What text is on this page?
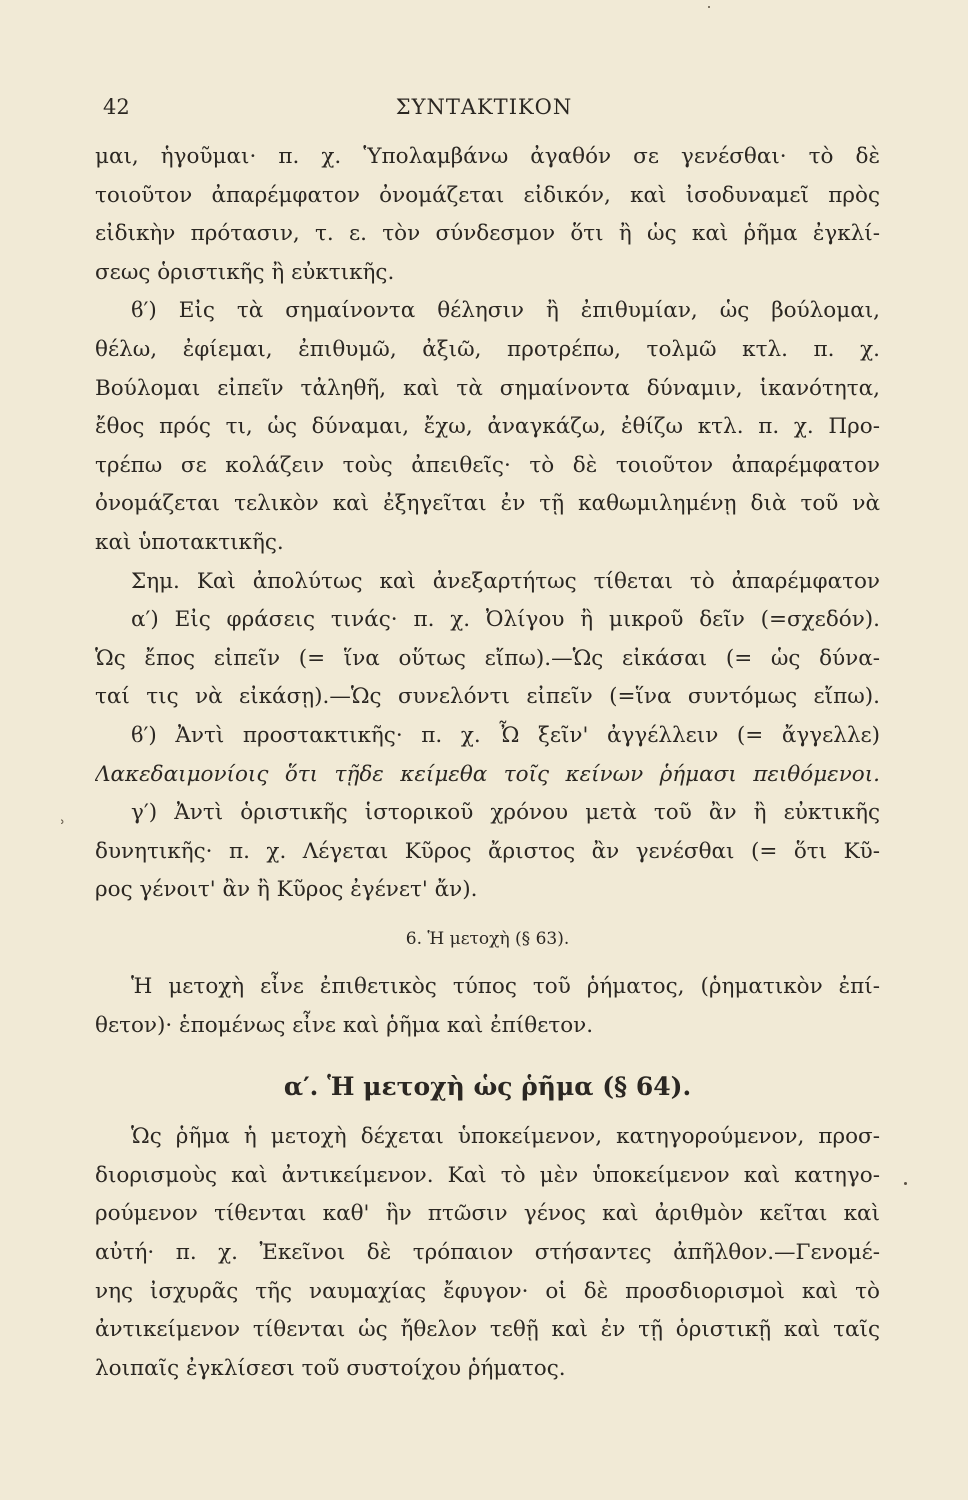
42	ΣΥΝΤΑΚΤΙΚΟΝ
ʾ
μαι, ἡγοῦμαι· π. χ. Ὑπολαμβάνω ἀγαθόν σε γενέσθαι· τὸ δὲ
τοιοῦτον ἀπαρέμφατον ὀνομάζεται εἰδικόν, καὶ ἰσοδυναμεῖ πρὸς
εἰδικὴν πρότασιν, τ. ε. τὸν σύνδεσμον ὅτι ἢ ὡς καὶ ῥῆμα ἐγκλί-
σεως ὁριστικῆς ἢ εὐκτικῆς.
ϐ′) Εἰς τὰ σημαίνοντα θέλησιν ἢ ἐπιθυμίαν, ὡς βούλομαι,
θέλω, ἐφίεμαι, ἐπιθυμῶ, ἀξιῶ, προτρέπω, τολμῶ κτλ. π. χ.
Βούλομαι εἰπεῖν τἀληθῆ, καὶ τὰ σημαίνοντα δύναμιν, ἱκανότητα,
ἔθος πρός τι, ὡς δύναμαι, ἔχω, ἀναγκάζω, ἐθίζω κτλ. π. χ. Προ-
τρέπω σε κολάζειν τοὺς ἀπειθεῖς· τὸ δὲ τοιοῦτον ἀπαρέμφατον
ὀνομάζεται τελικὸν καὶ ἐξηγεῖται ἐν τῇ καθωμιλημένῃ διὰ τοῦ νὰ
καὶ ὑποτακτικῆς.
Σημ. Καὶ ἀπολύτως καὶ ἀνεξαρτήτως τίθεται τὸ ἀπαρέμφατον
α′) Εἰς φράσεις τινάς· π. χ. Ὀλίγου ἢ μικροῦ δεῖν (=σχεδόν).
Ὡς ἔπος εἰπεῖν (= ἵνα οὕτως εἴπω).—Ὡς εἰκάσαι (= ὡς δύνα-
ταί τις νὰ εἰκάσῃ).—Ὡς συνελόντι εἰπεῖν (=ἵνα συντόμως εἴπω).
ϐ′) Ἀντὶ προστακτικῆς· π. χ. Ὦ ξεῖν' ἀγγέλλειν (= ἄγγελλε)
Λακεδαιμονίοις ὅτι τῇδε κείμεθα τοῖς κείνων ῥήμασι πειθόμενοι.
γ′) Ἀντὶ ὁριστικῆς ἱστορικοῦ χρόνου μετὰ τοῦ ἂν ἢ εὐκτικῆς
δυνητικῆς· π. χ. Λέγεται Κῦρος ἄριστος ἂν γενέσθαι (= ὅτι Κῦ-
ρος γένοιτ' ἂν ἢ Κῦρος ἐγένετ' ἄν).
6. Ἡ μετοχὴ (§ 63).
Ἡ μετοχὴ εἶνε ἐπιθετικὸς τύπος τοῦ ῥήματος, (ῥηματικὸν ἐπί-
θετον)· ἑπομένως εἶνε καὶ ῥῆμα καὶ ἐπίθετον.
α′. Ἡ μετοχὴ ὡς ῥῆμα (§ 64).
Ὡς ῥῆμα ἡ μετοχὴ δέχεται ὑποκείμενον, κατηγορούμενον, προσ-
διορισμοὺς καὶ ἀντικείμενον. Καὶ τὸ μὲν ὑποκείμενον καὶ κατηγο-
ρούμενον τίθενται καθ' ἣν πτῶσιν γένος καὶ ἀριθμὸν κεῖται καὶ
αὐτή· π. χ. Ἐκεῖνοι δὲ τρόπαιον στήσαντες ἀπῆλθον.—Γενομέ-
νης ἰσχυρᾶς τῆς ναυμαχίας ἔφυγον· οἱ δὲ προσδιορισμοὶ καὶ τὸ
ἀντικείμενον τίθενται ὡς ἤθελον τεθῇ καὶ ἐν τῇ ὁριστικῇ καὶ ταῖς
λοιπαῖς ἐγκλίσεσι τοῦ συστοίχου ῥήματος.
